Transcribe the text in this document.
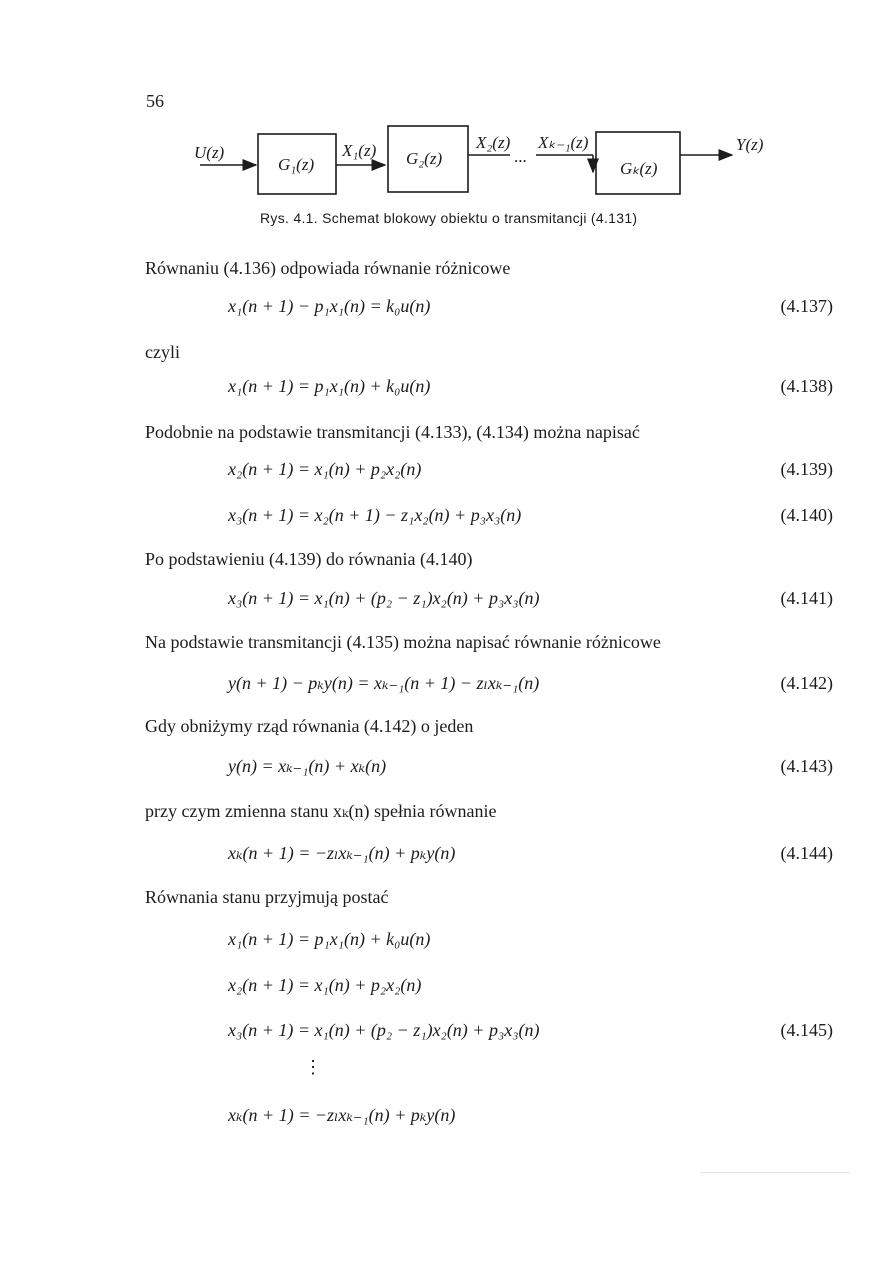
56
U(z)
G₁(z)
X₁(z) G₂(z)
X₂(z)
...
Xₖ₋₁(z)
Gₖ(z)
Y(z)
Rys. 4.1. Schemat blokowy obiektu o transmitancji (4.131)
Równaniu (4.136) odpowiada równanie różnicowe
x₁(n + 1) − p₁x₁(n) = k₀u(n)	(4.137)
czyli
x₁(n + 1) = p₁x₁(n) + k₀u(n)	(4.138)
Podobnie na podstawie transmitancji (4.133), (4.134) można napisać
x₂(n + 1) = x₁(n) + p₂x₂(n)	(4.139)
x₃(n + 1) = x₂(n + 1) − z₁x₂(n) + p₃x₃(n)	(4.140)
Po podstawieniu (4.139) do równania (4.140)
x₃(n + 1) = x₁(n) + (p₂ − z₁)x₂(n) + p₃x₃(n)	(4.141)
Na podstawie transmitancji (4.135) można napisać równanie różnicowe
y(n + 1) − pₖy(n) = xₖ₋₁(n + 1) − zₗxₖ₋₁(n)	(4.142)
Gdy obniżymy rząd równania (4.142) o jeden
y(n) = xₖ₋₁(n) + xₖ(n)	(4.143)
przy czym zmienna stanu xₖ(n) spełnia równanie
xₖ(n + 1) = −zₗxₖ₋₁(n) + pₖy(n)	(4.144)
Równania stanu przyjmują postać
x₁(n + 1) = p₁x₁(n) + k₀u(n)
x₂(n + 1) = x₁(n) + p₂x₂(n)
x₃(n + 1) = x₁(n) + (p₂ − z₁)x₂(n) + p₃x₃(n)	(4.145)
⋮
xₖ(n + 1) = −zₗxₖ₋₁(n) + pₖy(n)
